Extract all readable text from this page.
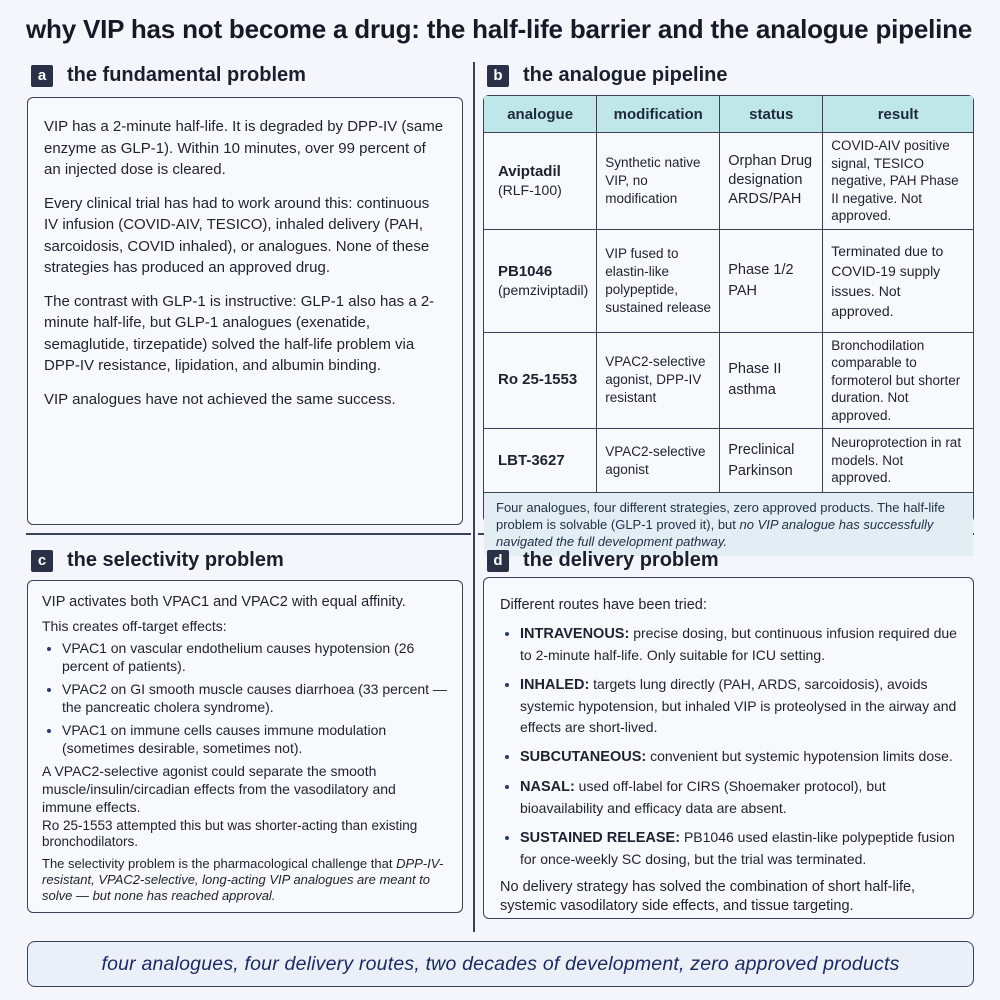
why VIP has not become a drug: the half-life barrier and the analogue pipeline
a	the fundamental problem

VIP has a 2-minute half-life. It is degraded by DPP-IV (same enzyme as GLP-1). Within 10 minutes, over 99 percent of an injected dose is cleared.

Every clinical trial has had to work around this: continuous IV infusion (COVID-AIV, TESICO), inhaled delivery (PAH, sarcoidosis, COVID inhaled), or analogues. None of these strategies has produced an approved drug.

The contrast with GLP-1 is instructive: GLP-1 also has a 2-minute half-life, but GLP-1 analogues (exenatide, semaglutide, tirzepatide) solved the half-life problem via DPP-IV resistance, lipidation, and albumin binding.

VIP analogues have not achieved the same success.

b	the analogue pipeline
analogue	modification	status	result

Aviptadil
(RLF-100)	Synthetic native VIP, no modification	Orphan Drug designation ARDS/PAH	COVID-AIV positive signal, TESICO negative, PAH Phase II negative. Not approved.

PB1046
(pemziviptadil)	VIP fused to elastin-like polypeptide, sustained release	Phase 1/2 PAH	Terminated due to COVID-19 supply issues. Not approved.

Ro 25-1553	VPAC2-selective agonist, DPP-IV resistant	Phase II asthma	Bronchodilation comparable to formoterol but shorter duration. Not approved.

LBT-3627	VPAC2-selective agonist	Preclinical Parkinson	Neuroprotection in rat models. Not approved.
Four analogues, four different strategies, zero approved products. The half-life problem is solvable (GLP-1 proved it), but no VIP analogue has successfully navigated the full development pathway.
c	the selectivity problem

VIP activates both VPAC1 and VPAC2 with equal affinity.

This creates off-target effects:

• VPAC1 on vascular endothelium causes hypotension (26 percent of patients).
• VPAC2 on GI smooth muscle causes diarrhoea (33 percent — the pancreatic cholera syndrome).
• VPAC1 on immune cells causes immune modulation (sometimes desirable, sometimes not).

A VPAC2-selective agonist could separate the smooth muscle/insulin/circadian effects from the vasodilatory and immune effects.

Ro 25-1553 attempted this but was shorter-acting than existing bronchodilators.

The selectivity problem is the pharmacological challenge that DPP-IV-resistant, VPAC2-selective, long-acting VIP analogues are meant to solve — but none has reached approval.

d	the delivery problem

Different routes have been tried:

• INTRAVENOUS: precise dosing, but continuous infusion required due to 2-minute half-life. Only suitable for ICU setting.
• INHALED: targets lung directly (PAH, ARDS, sarcoidosis), avoids systemic hypotension, but inhaled VIP is proteolysed in the airway and effects are short-lived.
• SUBCUTANEOUS: convenient but systemic hypotension limits dose.
• NASAL: used off-label for CIRS (Shoemaker protocol), but bioavailability and efficacy data are absent.
• SUSTAINED RELEASE: PB1046 used elastin-like polypeptide fusion for once-weekly SC dosing, but the trial was terminated.

No delivery strategy has solved the combination of short half-life, systemic vasodilatory side effects, and tissue targeting.

four analogues, four delivery routes, two decades of development, zero approved products
